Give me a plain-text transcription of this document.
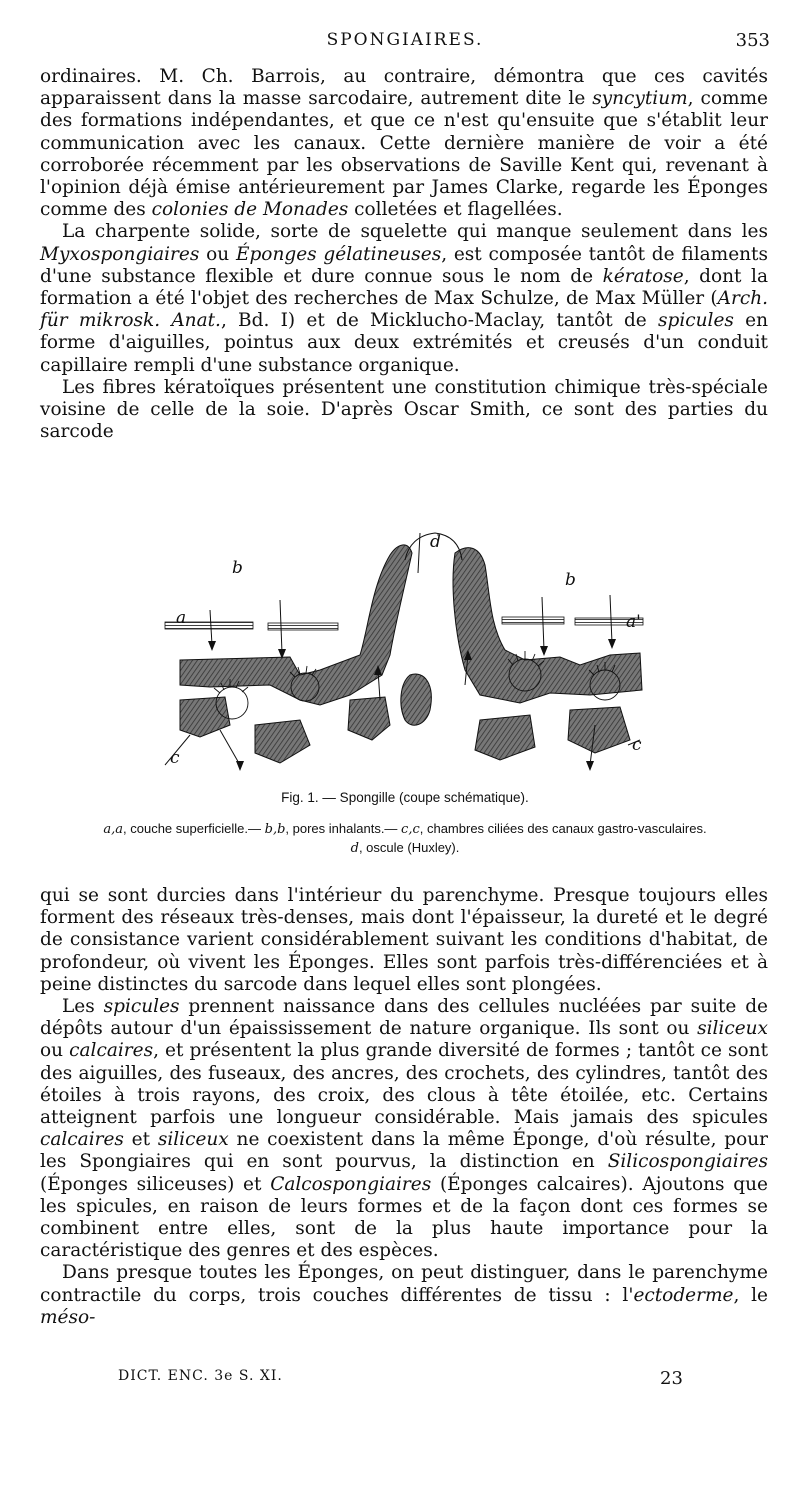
SPONGIAIRES.	353

ordinaires. M. Ch. Barrois, au contraire, démontra que ces cavités apparaissent dans la masse sarcodaire, autrement dite le syncytium, comme des formations indépendantes, et que ce n'est qu'ensuite que s'établit leur communication avec les canaux. Cette dernière manière de voir a été corroborée récemment par les observations de Saville Kent qui, revenant à l'opinion déjà émise antérieurement par James Clarke, regarde les Éponges comme des colonies de Monades colletées et flagellées.

La charpente solide, sorte de squelette qui manque seulement dans les Myxospongiaires ou Éponges gélatineuses, est composée tantôt de filaments d'une substance flexible et dure connue sous le nom de kératose, dont la formation a été l'objet des recherches de Max Schulze, de Max Müller (Arch. für mikrosk. Anat., Bd. I) et de Micklucho-Maclay, tantôt de spicules en forme d'aiguilles, pointus aux deux extrémités et creusés d'un conduit capillaire rempli d'une substance organique.

Les fibres kératoïques présentent une constitution chimique très-spéciale voisine de celle de la soie. D'après Oscar Smith, ce sont des parties du sarcode

d
b
b
a	a'
c
c
Fig. 1. — Spongille (coupe schématique).
a,a, couche superficielle.— b,b, pores inhalants.— c,c, chambres ciliées des canaux gastro-vasculaires.
d, oscule (Huxley).

qui se sont durcies dans l'intérieur du parenchyme. Presque toujours elles forment des réseaux très-denses, mais dont l'épaisseur, la dureté et le degré de consistance varient considérablement suivant les conditions d'habitat, de profondeur, où vivent les Éponges. Elles sont parfois très-différenciées et à peine distinctes du sarcode dans lequel elles sont plongées.

Les spicules prennent naissance dans des cellules nucléées par suite de dépôts autour d'un épaississement de nature organique. Ils sont ou siliceux ou calcaires, et présentent la plus grande diversité de formes ; tantôt ce sont des aiguilles, des fuseaux, des ancres, des crochets, des cylindres, tantôt des étoiles à trois rayons, des croix, des clous à tête étoilée, etc. Certains atteignent parfois une longueur considérable. Mais jamais des spicules calcaires et siliceux ne coexistent dans la même Éponge, d'où résulte, pour les Spongiaires qui en sont pourvus, la distinction en Silicospongiaires (Éponges siliceuses) et Calcospongiaires (Éponges calcaires). Ajoutons que les spicules, en raison de leurs formes et de la façon dont ces formes se combinent entre elles, sont de la plus haute importance pour la caractéristique des genres et des espèces.

Dans presque toutes les Éponges, on peut distinguer, dans le parenchyme contractile du corps, trois couches différentes de tissu : l'ectoderme, le méso-

DICT. ENC. 3e S. XI.	23
